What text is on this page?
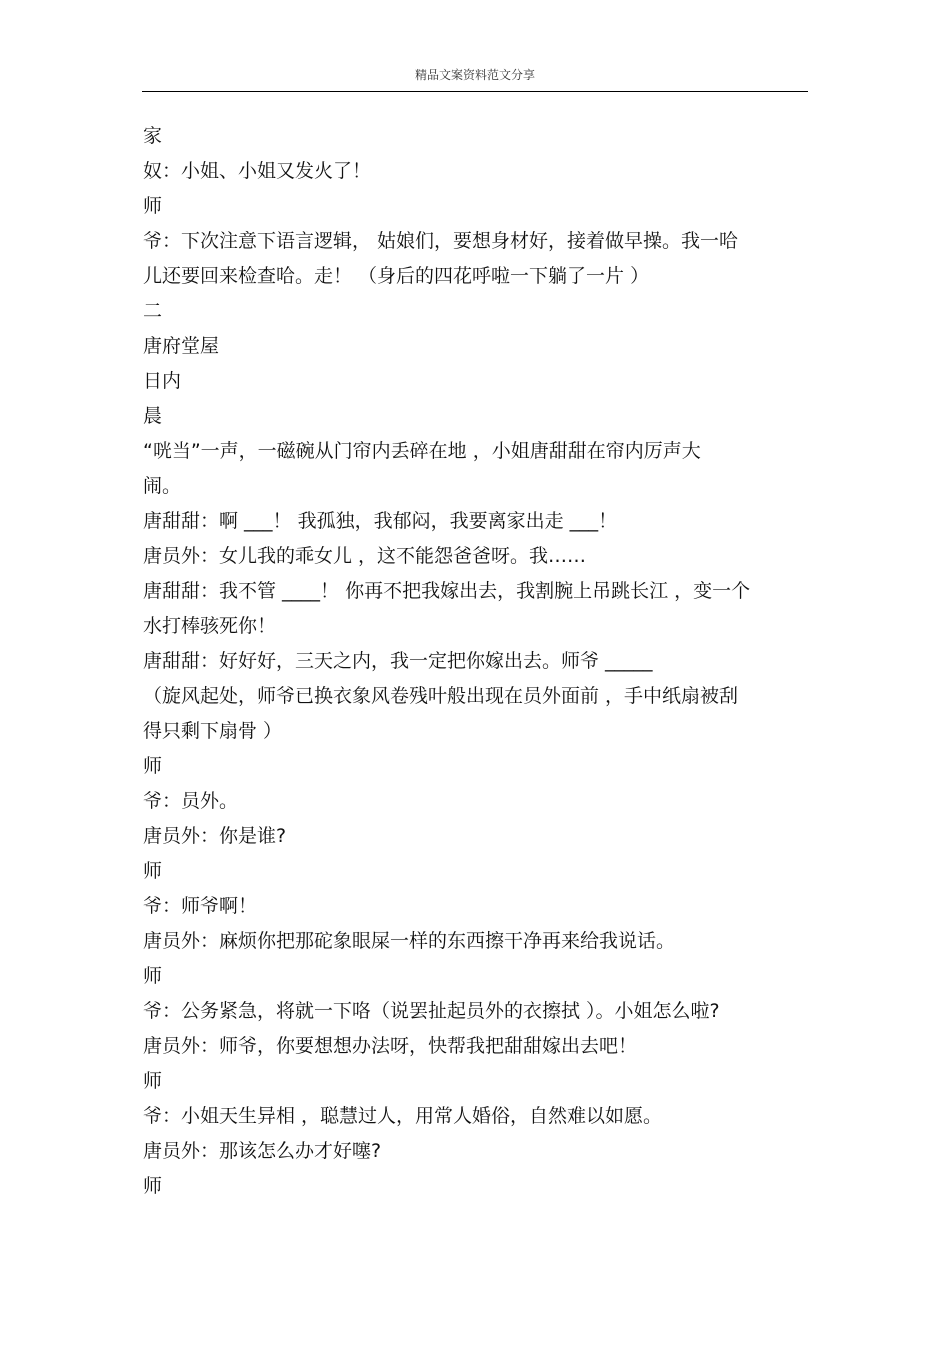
精品文案资料范文分享
家
奴：小姐、小姐又发火了！
师
爷：下次注意下语言逻辑， 姑娘们，要想身材好，接着做早操。我一哈
儿还要回来检查哈。走！ （身后的四花呼啦一下躺了一片 ）
二
唐府堂屋
日内
晨
“咣当”一声，一磁碗从门帘内丢碎在地 ，小姐唐甜甜在帘内厉声大
闹。
唐甜甜：啊 ___！ 我孤独，我郁闷，我要离家出走 ___！
唐员外：女儿我的乖女儿 ，这不能怨爸爸呀。我……
唐甜甜：我不管 ____！ 你再不把我嫁出去，我割腕上吊跳长江 ，变一个
水打棒骇死你！
唐甜甜：好好好，三天之内，我一定把你嫁出去。师爷 _____
（旋风起处，师爷已换衣象风卷残叶般出现在员外面前 ，手中纸扇被刮
得只剩下扇骨 ）
师
爷：员外。
唐员外：你是谁?
师
爷：师爷啊！
唐员外：麻烦你把那砣象眼屎一样的东西擦干净再来给我说话。
师
爷：公务紧急，将就一下咯（说罢扯起员外的衣擦拭 ）。小姐怎么啦?
唐员外：师爷，你要想想办法呀，快帮我把甜甜嫁出去吧！
师
爷：小姐天生异相 ，聪慧过人，用常人婚俗，自然难以如愿。
唐员外：那该怎么办才好噻?
师
